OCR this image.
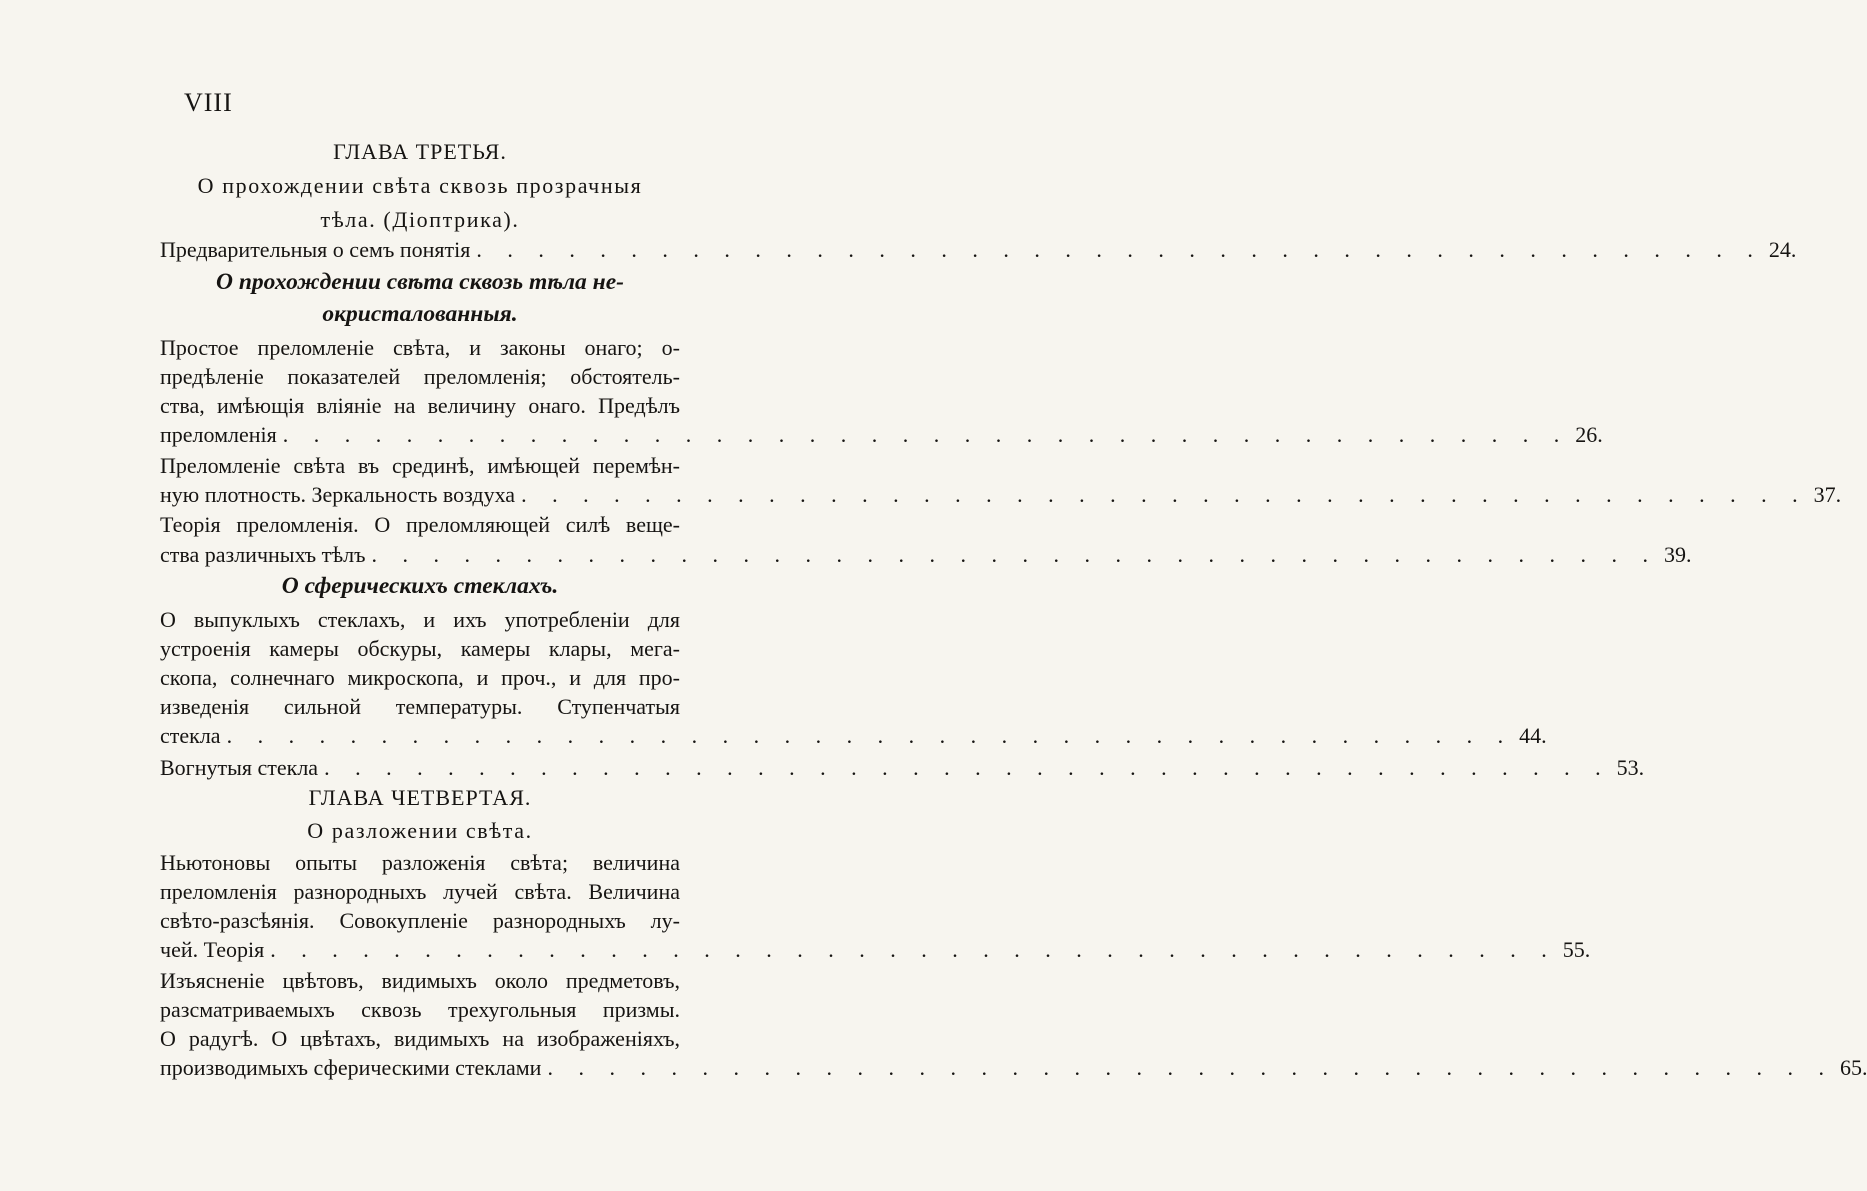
VIII
ГЛАВА ТРЕТЬЯ.
О прохождении свѣта сквозь прозрачныя
тѣла. (Діоптрика).
Предварительныя о семъ понятія . . . . . . . . . . . . . . . . . . . . . . . . . . . . . . . . . . . . . . . . . . 24.
О прохождении свѣта сквозь тѣла не-
окристалованныя.
Простое преломленіе свѣта, и законы онаго; о-
предѣленіе показателей преломленія; обстоятель-
ства, имѣющія вліяніе на величину онаго. Предѣлъ
преломленія . . . . . . . . . . . . . . . . . . . . . . . . . . . . . . . . . . . . . . . . . . 26.
Преломленіе свѣта въ срединѣ, имѣющей перемѣн-
ную плотность. Зеркальность воздуха . . . . . . . . . . . . . . . . . . . . . . . . . . . . . . . . . . . . . . . . . . 37.
Теорія преломленія. О преломляющей силѣ веще-
ства различныхъ тѣлъ . . . . . . . . . . . . . . . . . . . . . . . . . . . . . . . . . . . . . . . . . . 39.
О сферическихъ стеклахъ.
О выпуклыхъ стеклахъ, и ихъ употребленіи для
устроенія камеры обскуры, камеры клары, мега-
скопа, солнечнаго микроскопа, и проч., и для про-
изведенія сильной температуры. Ступенчатыя
стекла . . . . . . . . . . . . . . . . . . . . . . . . . . . . . . . . . . . . . . . . . . 44.
Вогнутыя стекла . . . . . . . . . . . . . . . . . . . . . . . . . . . . . . . . . . . . . . . . . . 53.
ГЛАВА ЧЕТВЕРТАЯ.
О разложении свѣта.
Ньютоновы опыты разложенія свѣта; величина
преломленія разнородныхъ лучей свѣта. Величина
свѣто-разсѣянія. Совокупленіе разнородныхъ лу-
чей. Теорія . . . . . . . . . . . . . . . . . . . . . . . . . . . . . . . . . . . . . . . . . . 55.
Изъясненіе цвѣтовъ, видимыхъ около предметовъ,
разсматриваемыхъ сквозь трехугольныя призмы.
О радугѣ. О цвѣтахъ, видимыхъ на изображеніяхъ,
производимыхъ сферическими стеклами . . . . . . . . . . . . . . . . . . . . . . . . . . . . . . . . . . . . . . . . . . 65.
